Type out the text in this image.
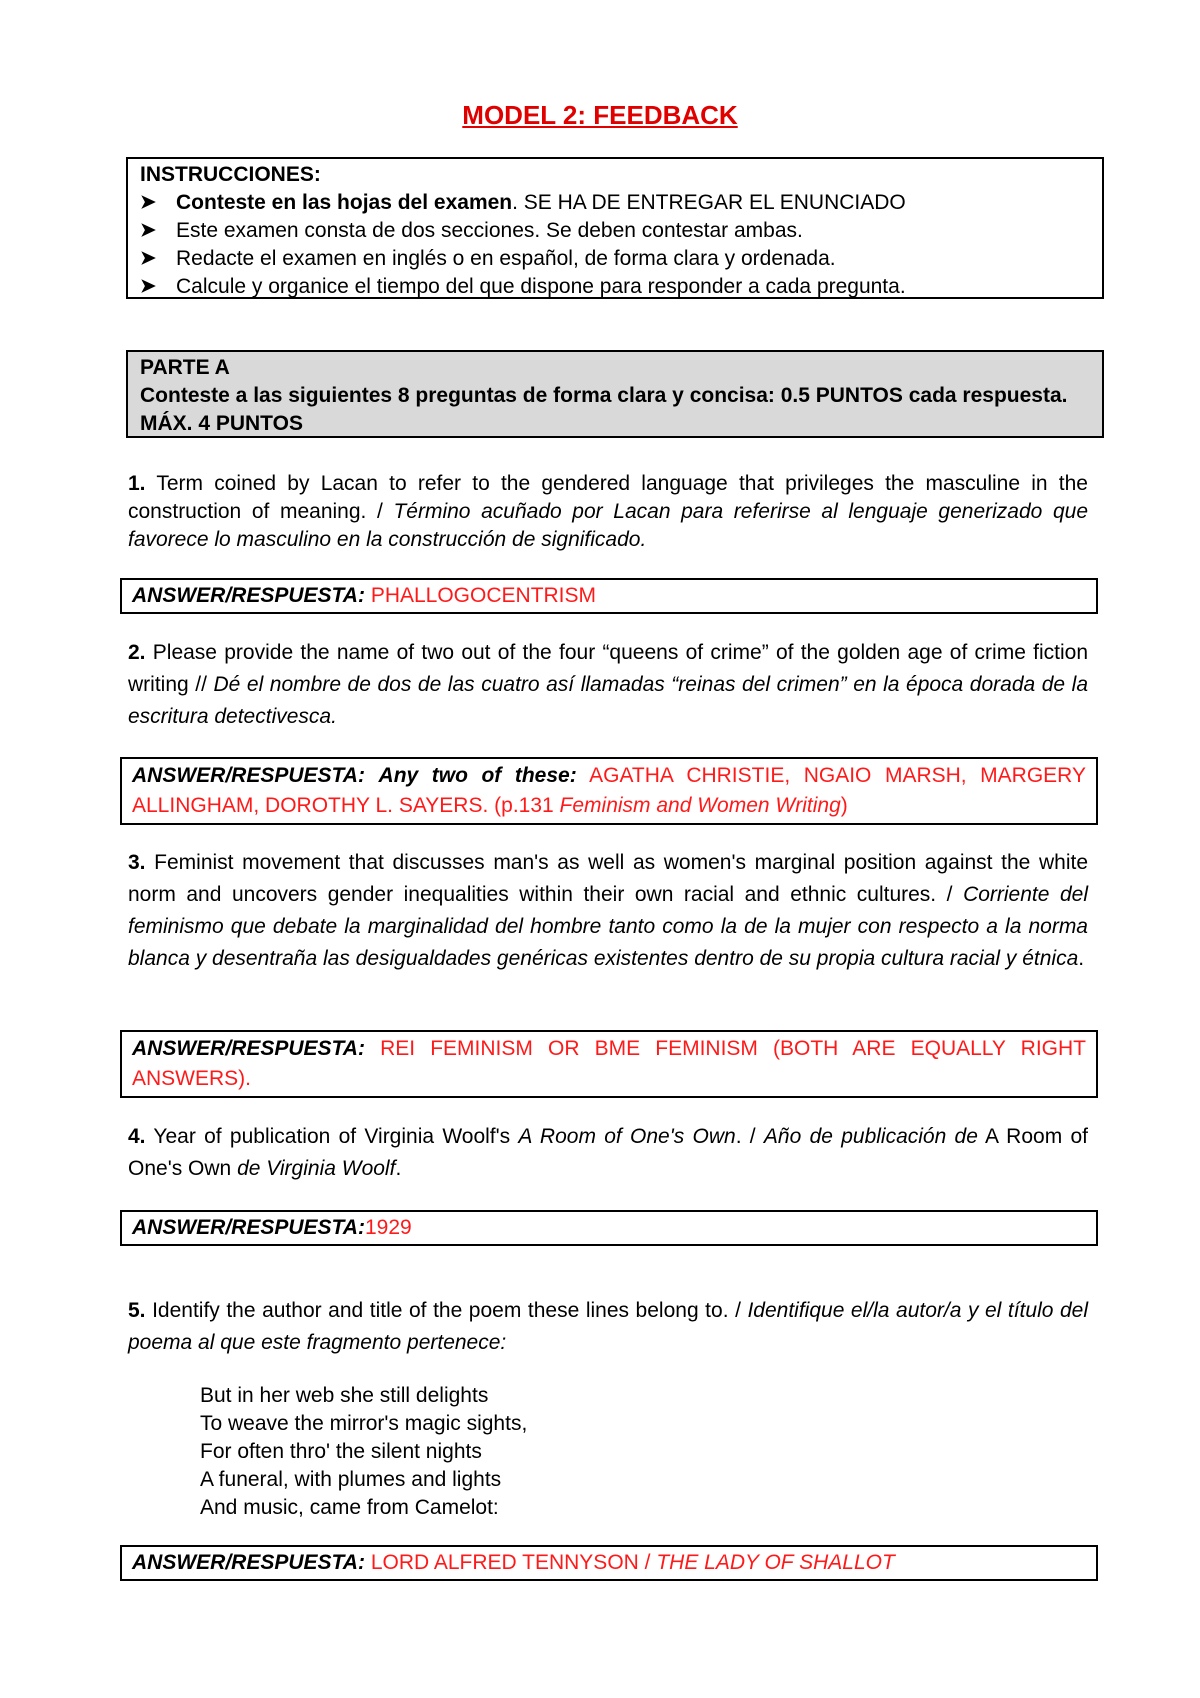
MODEL 2: FEEDBACK
INSTRUCCIONES:
➤ Conteste en las hojas del examen. SE HA DE ENTREGAR EL ENUNCIADO
➤ Este examen consta de dos secciones. Se deben contestar ambas.
➤ Redacte el examen en inglés o en español, de forma clara y ordenada.
➤ Calcule y organice el tiempo del que dispone para responder a cada pregunta.
PARTE A
Conteste a las siguientes 8 preguntas de forma clara y concisa: 0.5 PUNTOS cada respuesta. MÁX. 4 PUNTOS
1. Term coined by Lacan to refer to the gendered language that privileges the masculine in the construction of meaning. / Término acuñado por Lacan para referirse al lenguaje generizado que favorece lo masculino en la construcción de significado.
ANSWER/RESPUESTA: PHALLOGOCENTRISM
2. Please provide the name of two out of the four “queens of crime” of the golden age of crime fiction writing // Dé el nombre de dos de las cuatro así llamadas “reinas del crimen” en la época dorada de la escritura detectivesca.
ANSWER/RESPUESTA: Any two of these: AGATHA CHRISTIE, NGAIO MARSH, MARGERY ALLINGHAM, DOROTHY L. SAYERS. (p.131 Feminism and Women Writing)
3. Feminist movement that discusses man's as well as women's marginal position against the white norm and uncovers gender inequalities within their own racial and ethnic cultures. / Corriente del feminismo que debate la marginalidad del hombre tanto como la de la mujer con respecto a la norma blanca y desentraña las desigualdades genéricas existentes dentro de su propia cultura racial y étnica.
ANSWER/RESPUESTA: REI FEMINISM OR BME FEMINISM (BOTH ARE EQUALLY RIGHT ANSWERS).
4. Year of publication of Virginia Woolf's A Room of One's Own. / Año de publicación de A Room of One's Own de Virginia Woolf.
ANSWER/RESPUESTA:1929
5. Identify the author and title of the poem these lines belong to. / Identifique el/la autor/a y el título del poema al que este fragmento pertenece:
But in her web she still delights
To weave the mirror's magic sights,
For often thro' the silent nights
A funeral, with plumes and lights
And music, came from Camelot:
ANSWER/RESPUESTA: LORD ALFRED TENNYSON / THE LADY OF SHALLOT
